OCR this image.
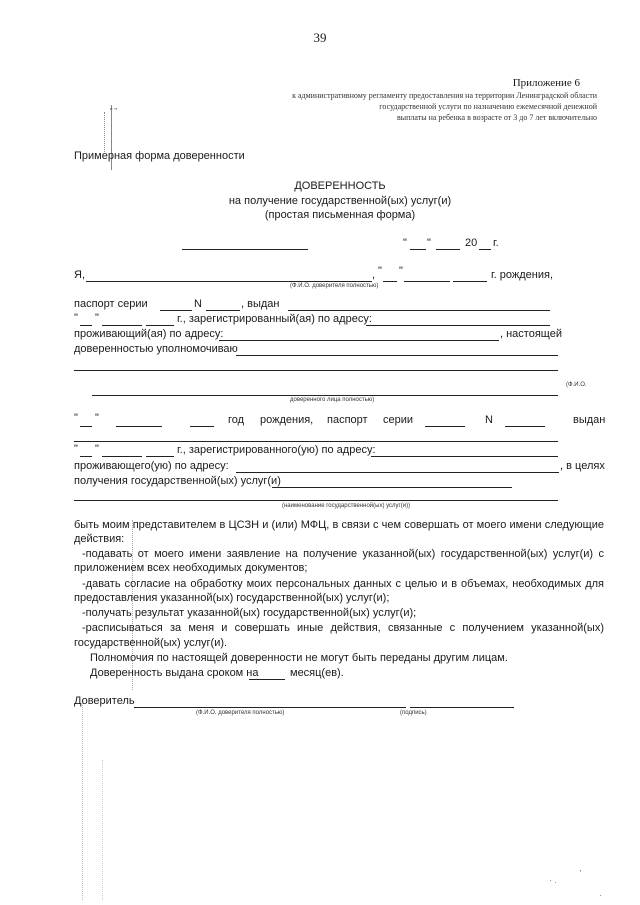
" "
'
39
Приложение 6
к административному регламенту предоставления на территории Ленинградской области
государственной услуги по назначению ежемесячной денежной
выплаты на ребенка в возрасте от 3 до 7 лет включительно
Примерная форма доверенности
ДОВЕРЕННОСТЬ
на получение государственной(ых) услуг(и)
(простая письменная форма)
" "	20 г.
Я,	, " "	г. рождения,
(Ф.И.О. доверителя полностью)
паспорт серии	N	, выдан
" "	г., зарегистрированный(ая) по адресу:
проживающий(ая) по адресу:	, настоящей
доверенностью уполномочиваю
(Ф.И.О.
доверенного лица полностью)
" "	год рождения, паспорт серии	N	выдан
" "	г., зарегистрированного(ую) по адресу:
проживающего(ую) по адресу:	, в целях
получения государственной(ых) услуг(и)
(наименование государственной(ых) услуг(и))
быть моим представителем в ЦСЗН и (или) МФЦ, в связи с чем совершать от моего имени следующие
действия:
-подавать от моего имени заявление на получение указанной(ых) государственной(ых) услуг(и) с
приложением всех необходимых документов;
-давать согласие на обработку моих персональных данных с целью и в объемах, необходимых для
предоставления указанной(ых) государственной(ых) услуг(и);
-получать результат указанной(ых) государственной(ых) услуг(и);
-расписываться за меня и совершать иные действия, связанные с получением указанной(ых)
государственной(ых) услуг(и).
Полномочия по настоящей доверенности не могут быть переданы другим лицам.
Доверенность выдана сроком на	месяц(ев).
Доверитель
(Ф.И.О. доверителя полностью)	(подпись)
